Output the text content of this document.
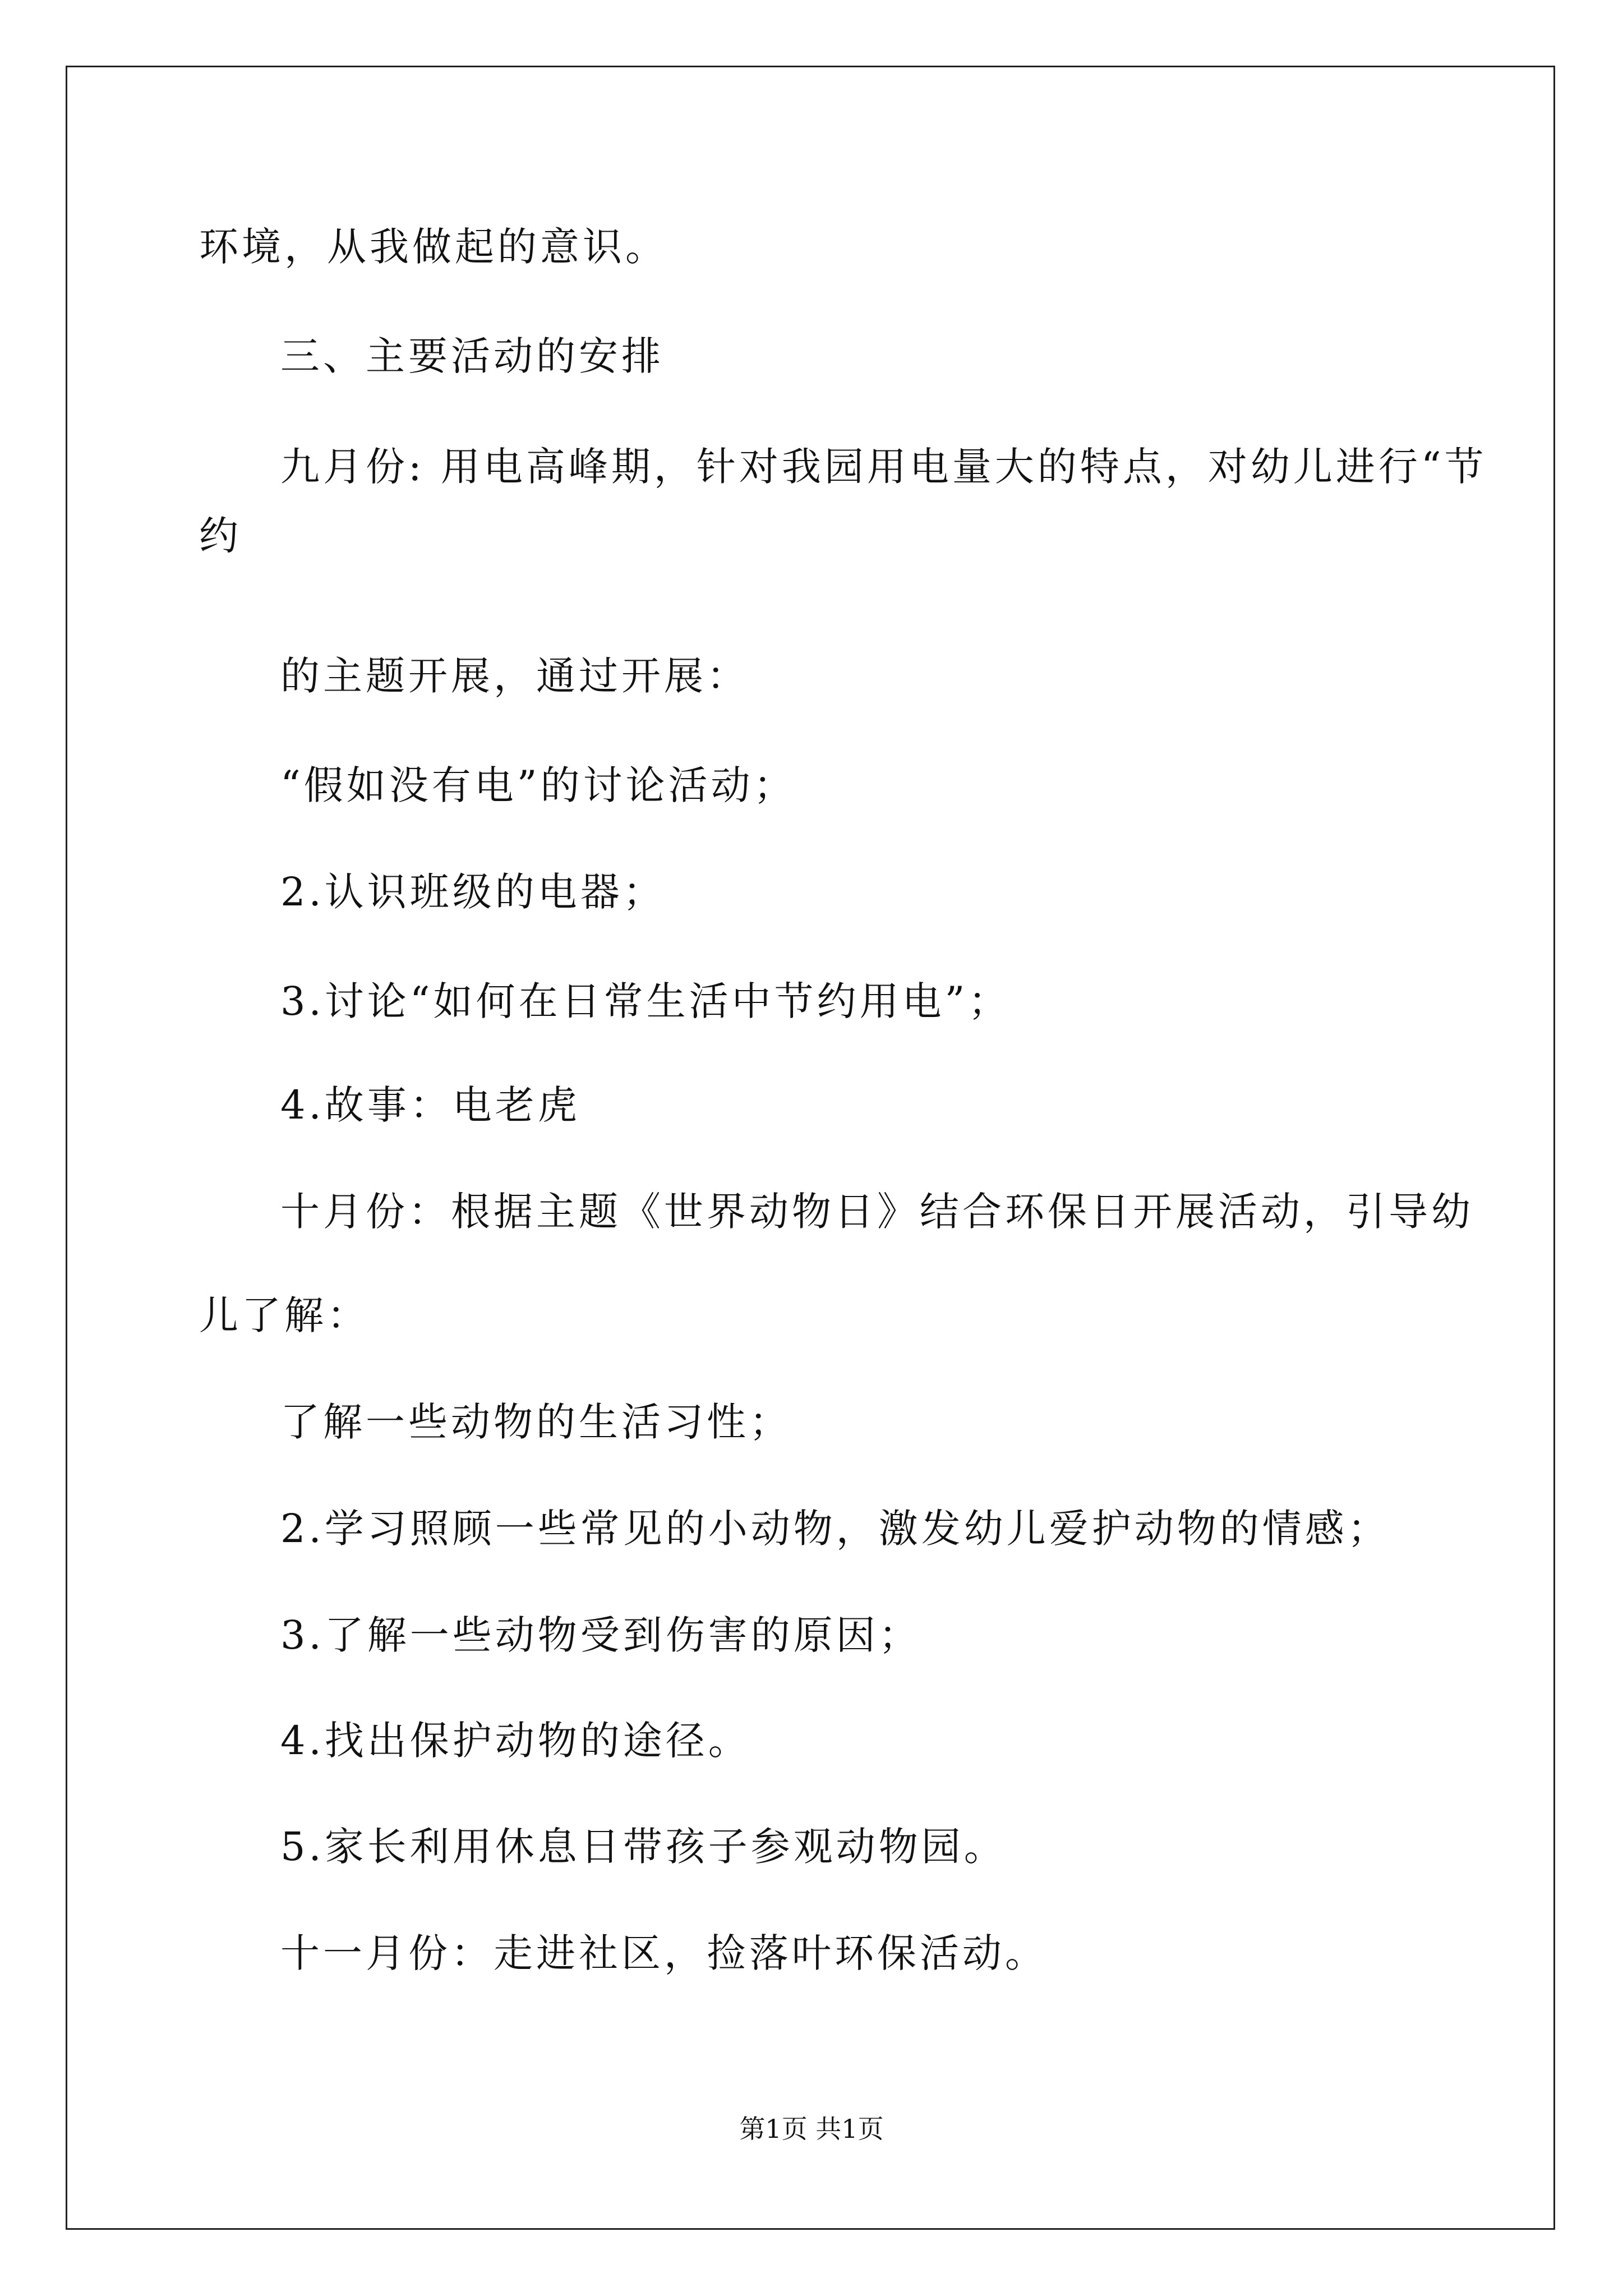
环境，从我做起的意识。
三、主要活动的安排
九月份: 用电高峰期，针对我园用电量大的特点，对幼儿进行“节
约
的主题开展，通过开展：
“假如没有电”的讨论活动；
2.认识班级的电器；
3.讨论“如何在日常生活中节约用电”；
4.故事：电老虎
十月份：根据主题《世界动物日》结合环保日开展活动，引导幼
儿了解：
了解一些动物的生活习性；
2.学习照顾一些常见的小动物，激发幼儿爱护动物的情感；
3.了解一些动物受到伤害的原因；
4.找出保护动物的途径。
5.家长利用休息日带孩子参观动物园。
十一月份：走进社区，捡落叶环保活动。
第1页 共1页
